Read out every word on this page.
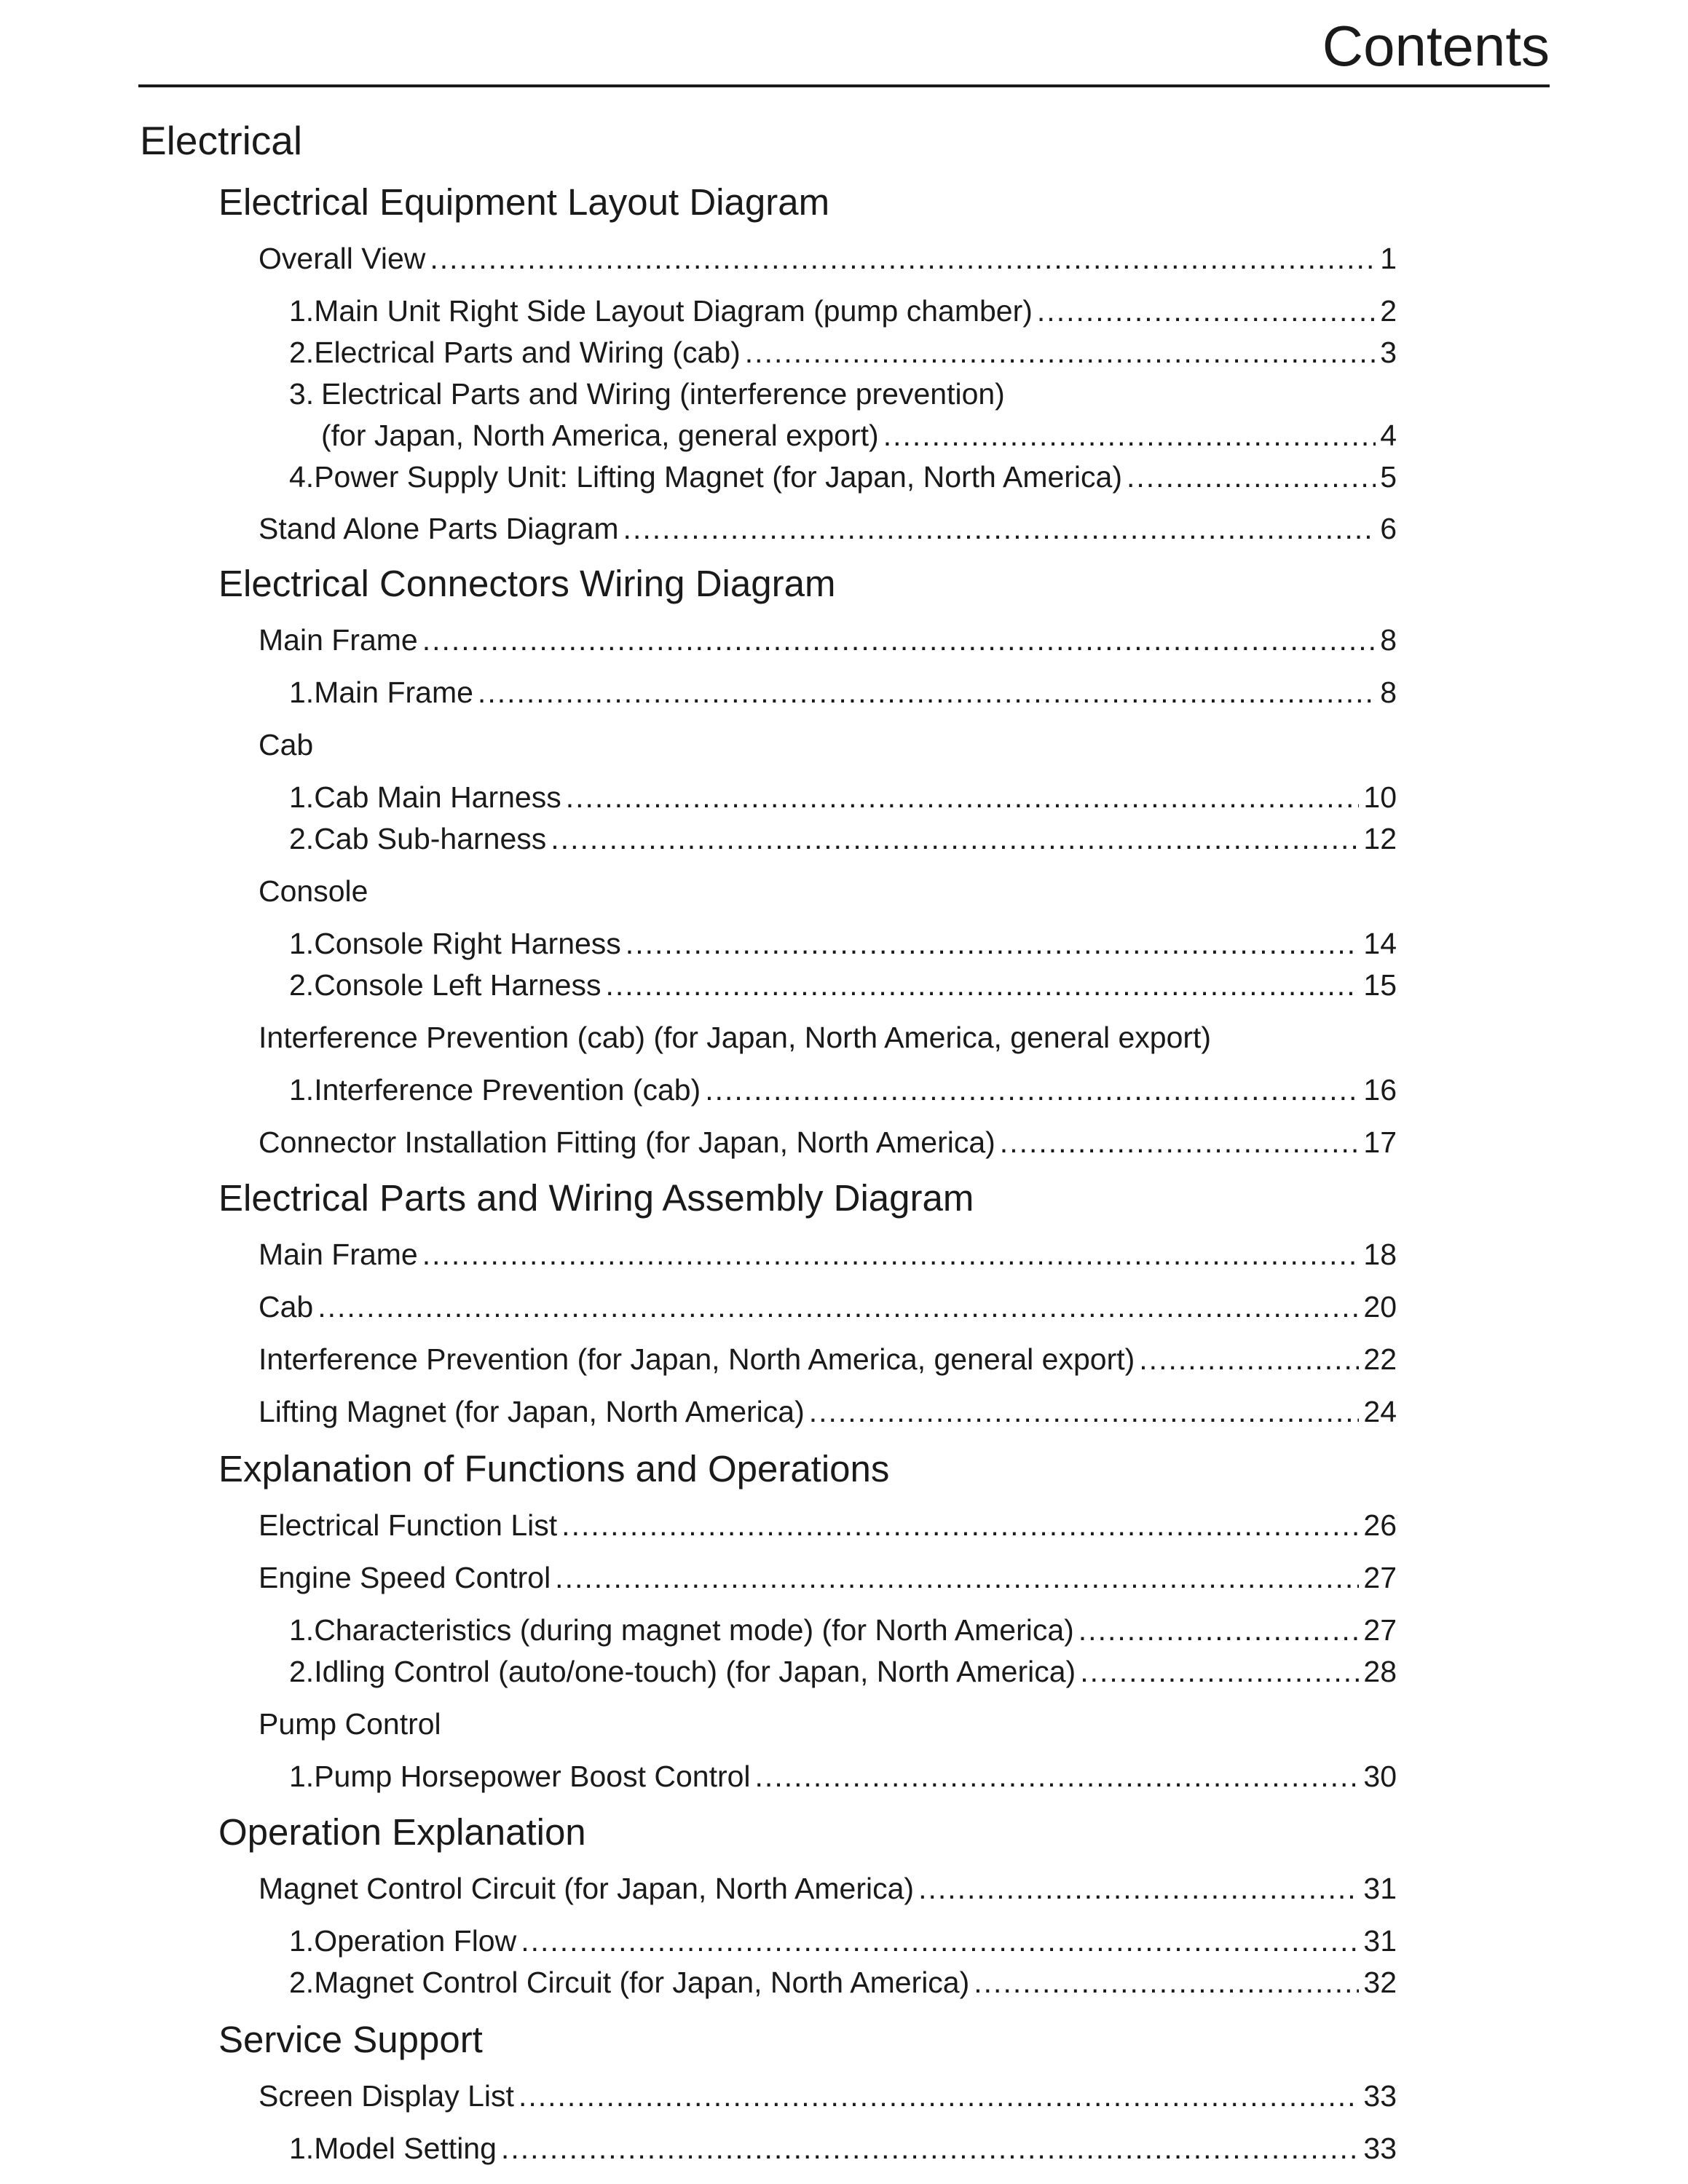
Contents
Electrical
Electrical Equipment Layout Diagram
Overall View .....	1
1. Main Unit Right Side Layout Diagram (pump chamber) .....	2
2. Electrical Parts and Wiring (cab) .....	3
3. Electrical Parts and Wiring (interference prevention)
(for Japan, North America, general export) .....	4
4. Power Supply Unit: Lifting Magnet (for Japan, North America) .....	5
Stand Alone Parts Diagram .....	6
Electrical Connectors Wiring Diagram
Main Frame .....	8
1. Main Frame .....	8
Cab
1. Cab Main Harness .....	10
2. Cab Sub-harness .....	12
Console
1. Console Right Harness .....	14
2. Console Left Harness .....	15
Interference Prevention (cab) (for Japan, North America, general export)
1. Interference Prevention (cab) .....	16
Connector Installation Fitting (for Japan, North America) .....	17
Electrical Parts and Wiring Assembly Diagram
Main Frame .....	18
Cab .....	20
Interference Prevention (for Japan, North America, general export) .....	22
Lifting Magnet (for Japan, North America) .....	24
Explanation of Functions and Operations
Electrical Function List .....	26
Engine Speed Control .....	27
1. Characteristics (during magnet mode) (for North America) .....	27
2. Idling Control (auto/one-touch) (for Japan, North America) .....	28
Pump Control
1. Pump Horsepower Boost Control .....	30
Operation Explanation
Magnet Control Circuit (for Japan, North America) .....	31
1. Operation Flow .....	31
2. Magnet Control Circuit (for Japan, North America) .....	32
Service Support
Screen Display List .....	33
1. Model Setting .....	33
